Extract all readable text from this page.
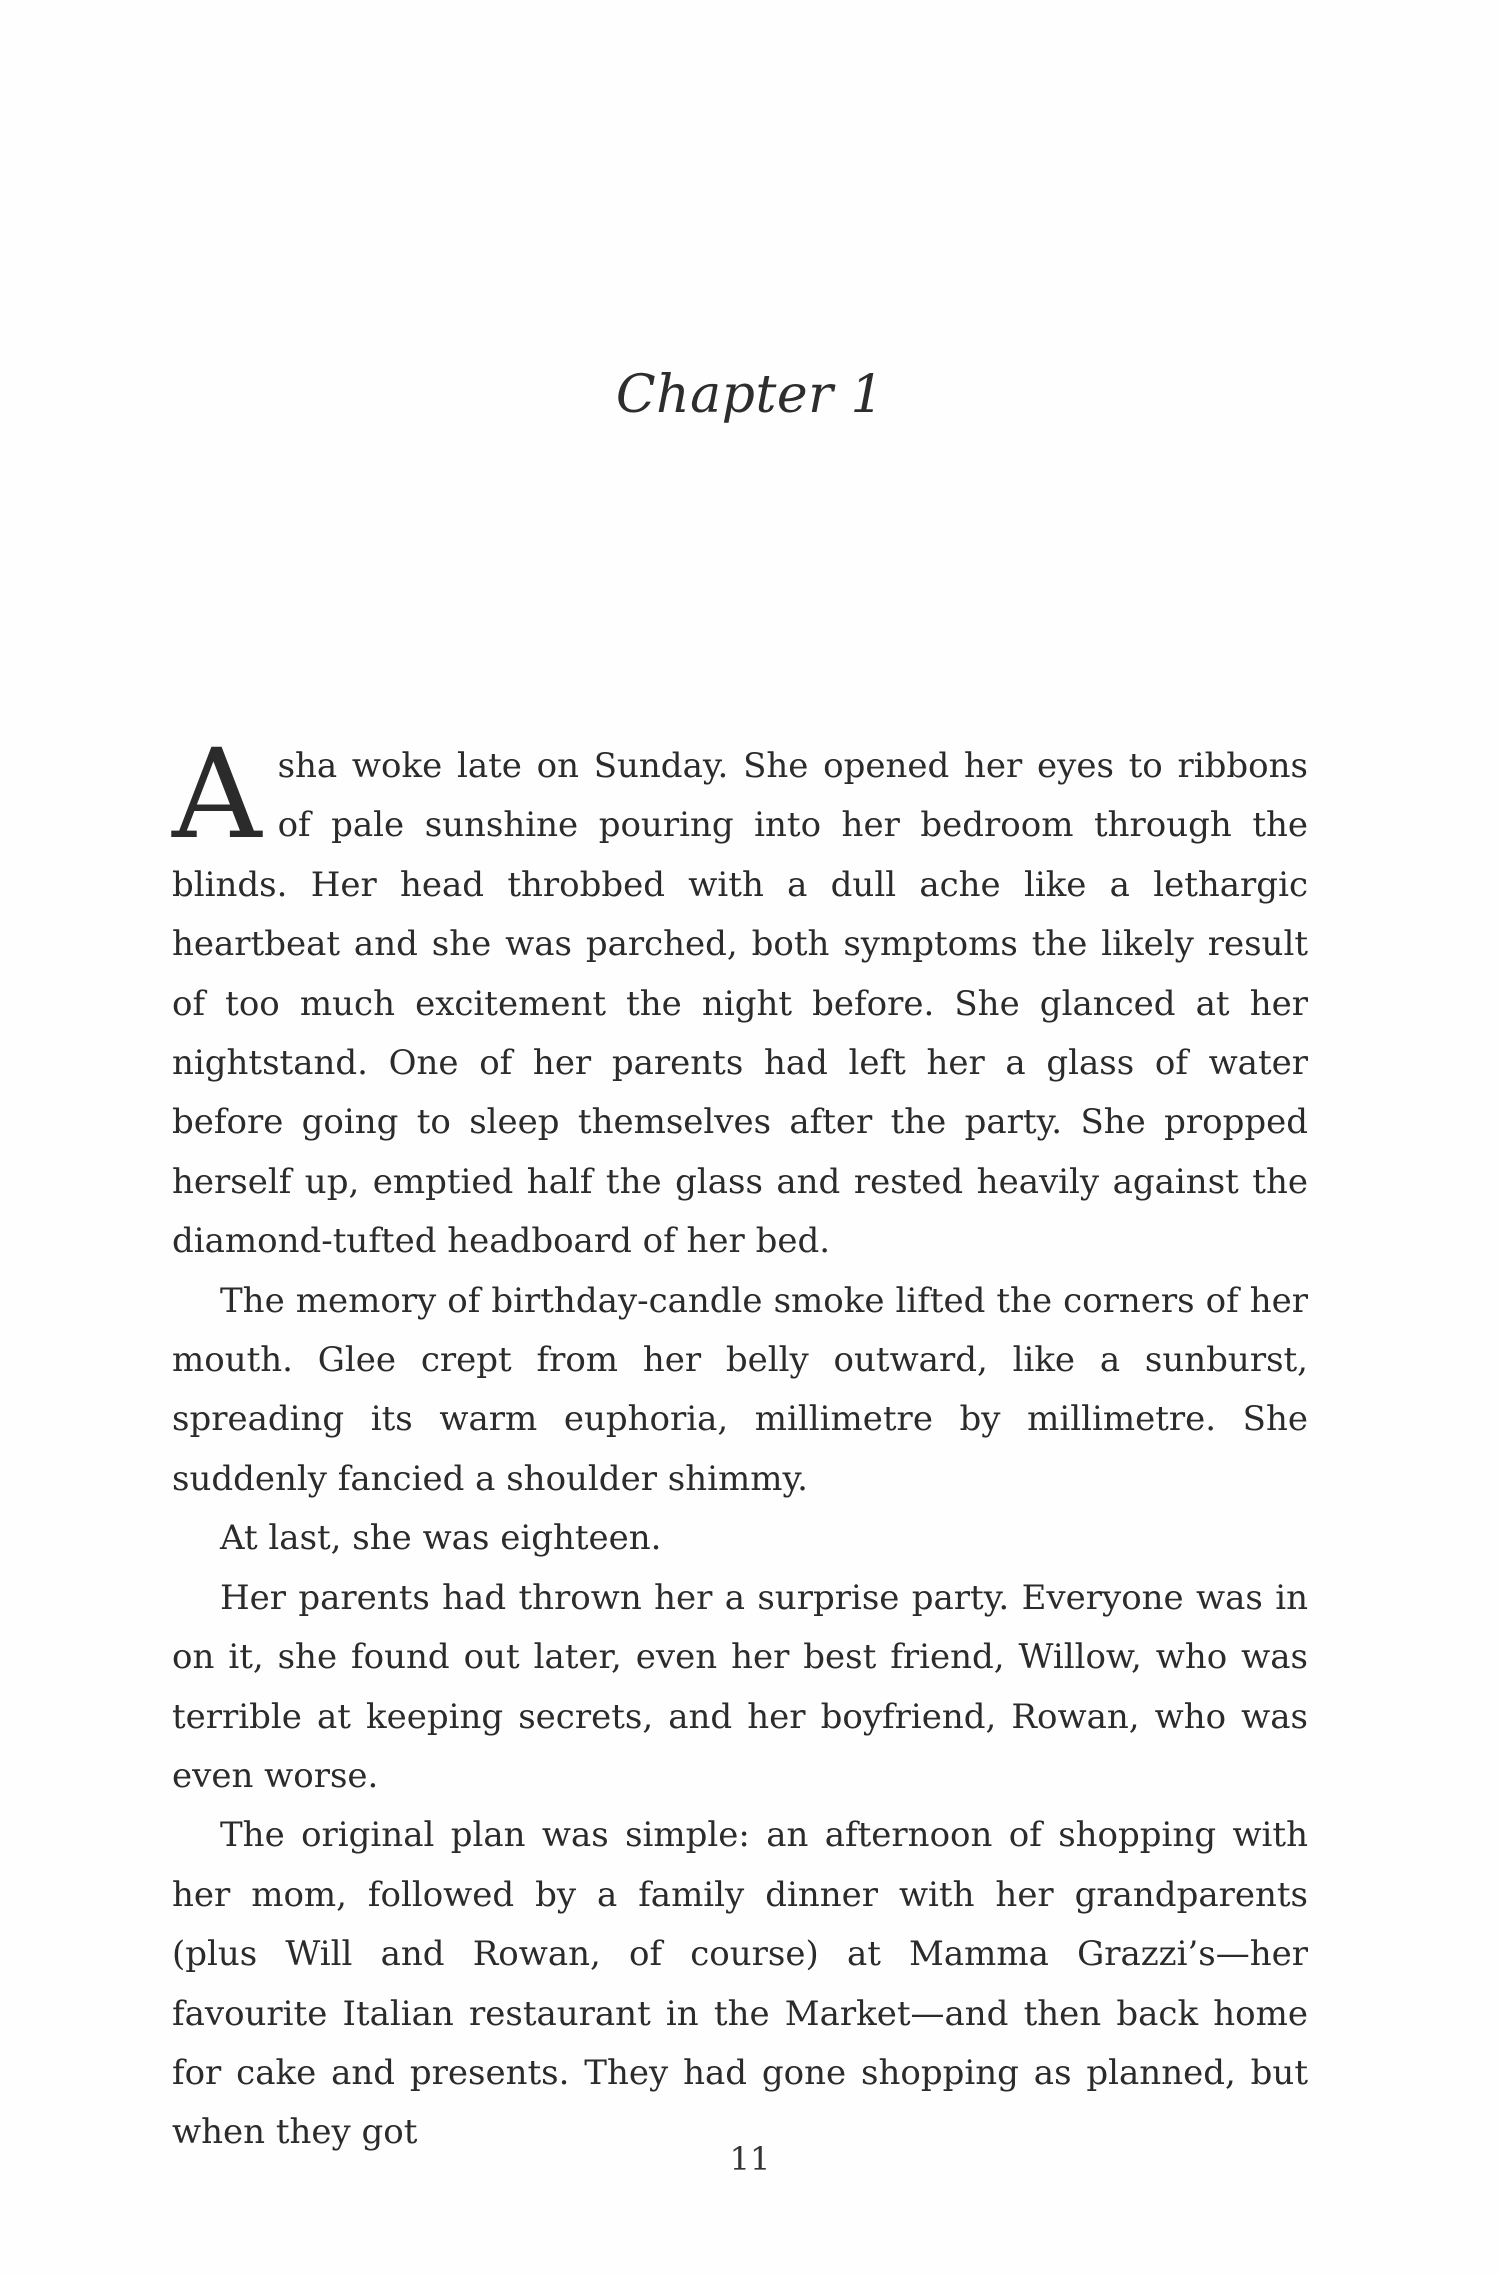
Chapter 1

Asha woke late on Sunday. She opened her eyes to ribbons of pale sunshine pouring into her bedroom through the blinds. Her head throbbed with a dull ache like a lethargic heartbeat and she was parched, both symptoms the likely result of too much excitement the night before. She glanced at her nightstand. One of her parents had left her a glass of water before going to sleep themselves after the party. She propped herself up, emptied half the glass and rested heavily against the diamond-tufted headboard of her bed.

The memory of birthday-candle smoke lifted the corners of her mouth. Glee crept from her belly outward, like a sunburst, spreading its warm euphoria, millimetre by millimetre. She suddenly fancied a shoulder shimmy.

At last, she was eighteen.

Her parents had thrown her a surprise party. Everyone was in on it, she found out later, even her best friend, Willow, who was terrible at keeping secrets, and her boyfriend, Rowan, who was even worse.

The original plan was simple: an afternoon of shopping with her mom, followed by a family dinner with her grandparents (plus Will and Rowan, of course) at Mamma Grazzi’s—her favourite Italian restaurant in the Market—and then back home for cake and presents. They had gone shopping as planned, but when they got

11
